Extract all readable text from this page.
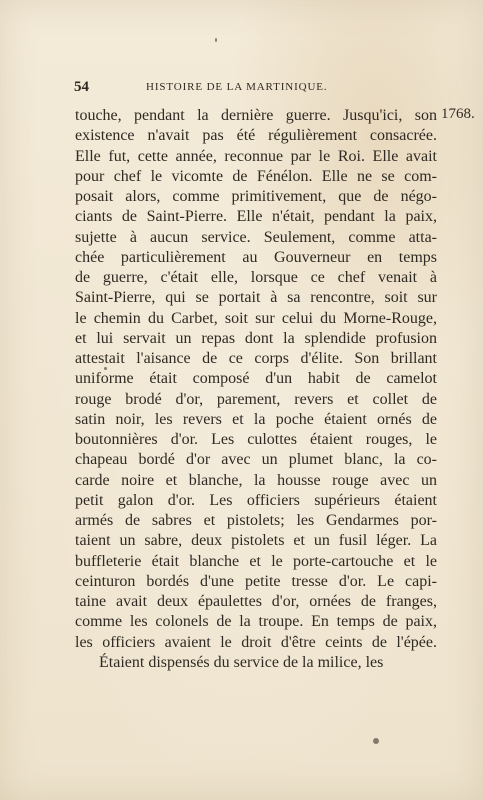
54	HISTOIRE DE LA MARTINIQUE.
1768.
touche, pendant la dernière guerre. Jusqu'ici, son
existence n'avait pas été régulièrement consacrée.
Elle fut, cette année, reconnue par le Roi. Elle avait
pour chef le vicomte de Fénélon. Elle ne se com-
posait alors, comme primitivement, que de négo-
ciants de Saint-Pierre. Elle n'était, pendant la paix,
sujette à aucun service. Seulement, comme atta-
chée particulièrement au Gouverneur en temps
de guerre, c'était elle, lorsque ce chef venait à
Saint-Pierre, qui se portait à sa rencontre, soit sur
le chemin du Carbet, soit sur celui du Morne-Rouge,
et lui servait un repas dont la splendide profusion
attestait l'aisance de ce corps d'élite. Son brillant
uniforme était composé d'un habit de camelot
rouge brodé d'or, parement, revers et collet de
satin noir, les revers et la poche étaient ornés de
boutonnières d'or. Les culottes étaient rouges, le
chapeau bordé d'or avec un plumet blanc, la co-
carde noire et blanche, la housse rouge avec un
petit galon d'or. Les officiers supérieurs étaient
armés de sabres et pistolets; les Gendarmes por-
taient un sabre, deux pistolets et un fusil léger. La
buffleterie était blanche et le porte-cartouche et le
ceinturon bordés d'une petite tresse d'or. Le capi-
taine avait deux épaulettes d'or, ornées de franges,
comme les colonels de la troupe. En temps de paix,
les officiers avaient le droit d'être ceints de l'épée.
Étaient dispensés du service de la milice, les
